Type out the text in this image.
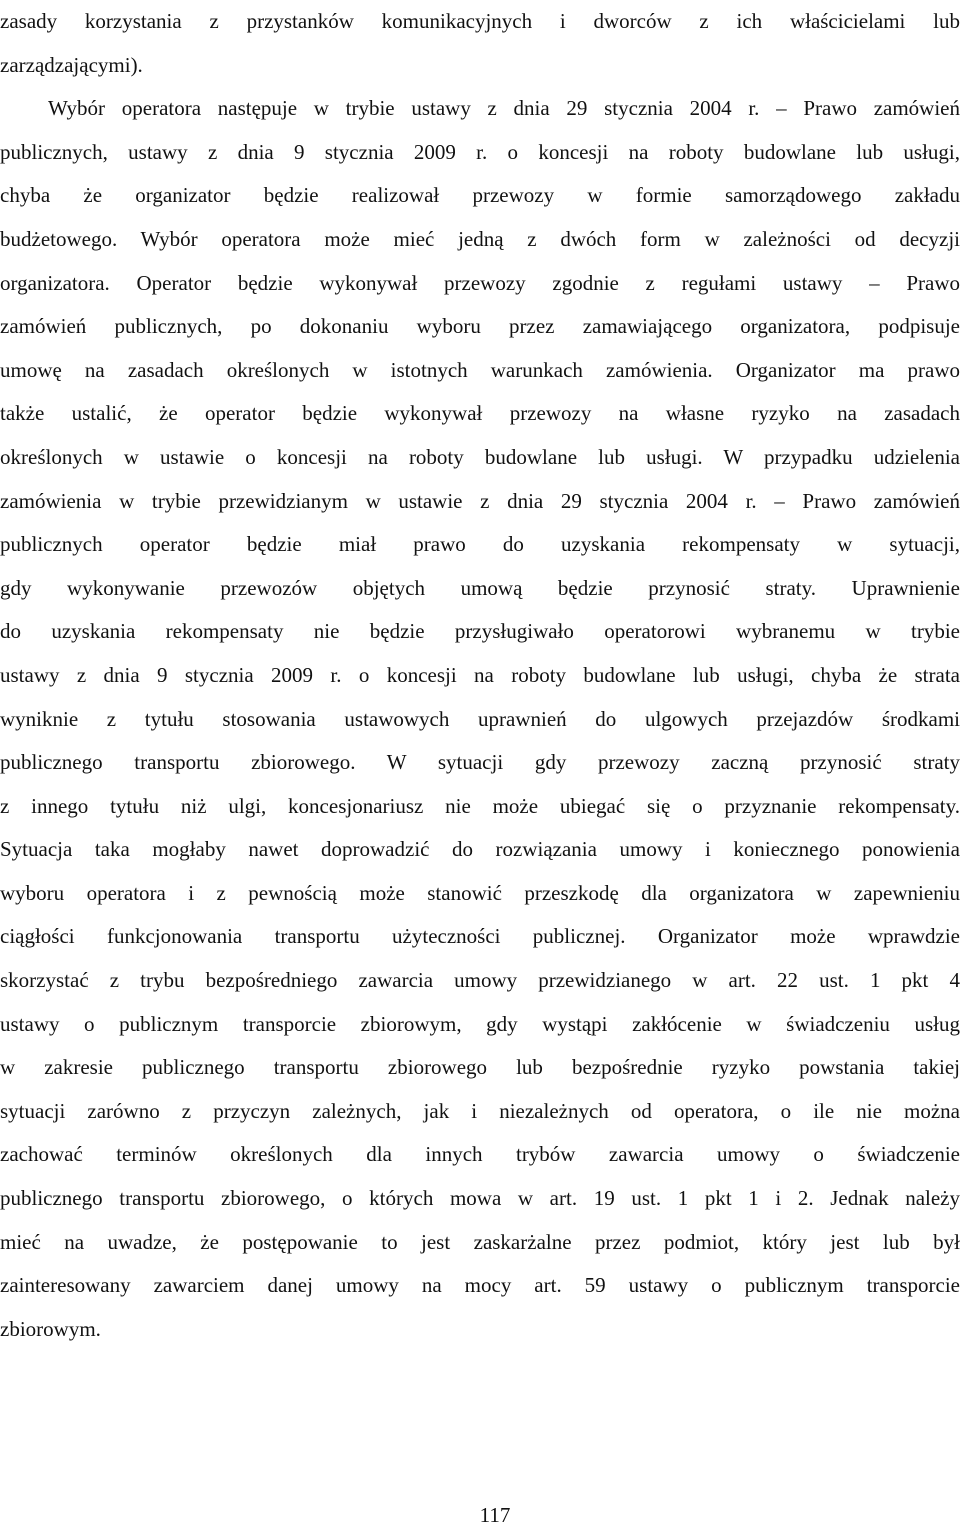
zasady korzystania z przystanków komunikacyjnych i dworców z ich właścicielami lub
zarządzającymi).
Wybór operatora następuje w trybie ustawy z dnia 29 stycznia 2004 r. – Prawo zamówień
publicznych, ustawy z dnia 9 stycznia 2009 r. o koncesji na roboty budowlane lub usługi,
chyba że organizator będzie realizował przewozy w formie samorządowego zakładu
budżetowego. Wybór operatora może mieć jedną z dwóch form w zależności od decyzji
organizatora. Operator będzie wykonywał przewozy zgodnie z regułami ustawy – Prawo
zamówień publicznych, po dokonaniu wyboru przez zamawiającego organizatora, podpisuje
umowę na zasadach określonych w istotnych warunkach zamówienia. Organizator ma prawo
także ustalić, że operator będzie wykonywał przewozy na własne ryzyko na zasadach
określonych w ustawie o koncesji na roboty budowlane lub usługi. W przypadku udzielenia
zamówienia w trybie przewidzianym w ustawie z dnia 29 stycznia 2004 r. – Prawo zamówień
publicznych operator będzie miał prawo do uzyskania rekompensaty w sytuacji,
gdy wykonywanie przewozów objętych umową będzie przynosić straty. Uprawnienie
do uzyskania rekompensaty nie będzie przysługiwało operatorowi wybranemu w trybie
ustawy z dnia 9 stycznia 2009 r. o koncesji na roboty budowlane lub usługi, chyba że strata
wyniknie z tytułu stosowania ustawowych uprawnień do ulgowych przejazdów środkami
publicznego transportu zbiorowego. W sytuacji gdy przewozy zaczną przynosić straty
z innego tytułu niż ulgi, koncesjonariusz nie może ubiegać się o przyznanie rekompensaty.
Sytuacja taka mogłaby nawet doprowadzić do rozwiązania umowy i koniecznego ponowienia
wyboru operatora i z pewnością może stanowić przeszkodę dla organizatora w zapewnieniu
ciągłości funkcjonowania transportu użyteczności publicznej. Organizator może wprawdzie
skorzystać z trybu bezpośredniego zawarcia umowy przewidzianego w art. 22 ust. 1 pkt 4
ustawy o publicznym transporcie zbiorowym, gdy wystąpi zakłócenie w świadczeniu usług
w zakresie publicznego transportu zbiorowego lub bezpośrednie ryzyko powstania takiej
sytuacji zarówno z przyczyn zależnych, jak i niezależnych od operatora, o ile nie można
zachować terminów określonych dla innych trybów zawarcia umowy o świadczenie
publicznego transportu zbiorowego, o których mowa w art. 19 ust. 1 pkt 1 i 2. Jednak należy
mieć na uwadze, że postępowanie to jest zaskarżalne przez podmiot, który jest lub był
zainteresowany zawarciem danej umowy na mocy art. 59 ustawy o publicznym transporcie
zbiorowym.
117
